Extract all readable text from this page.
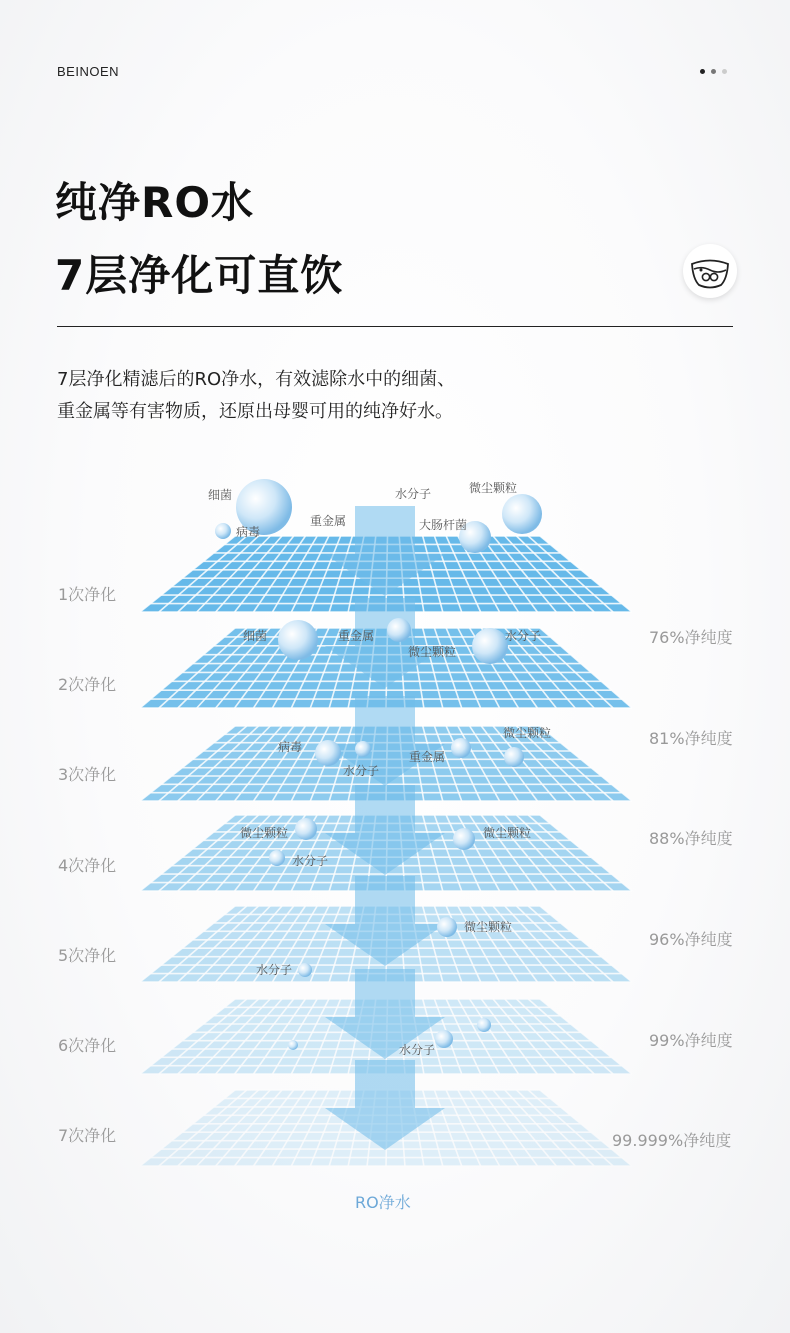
BEINOEN
纯净RO水
7层净化可直饮
7层净化精滤后的RO净水，有效滤除水中的细菌、
重金属等有害物质，还原出母婴可用的纯净好水。
细菌
病毒
重金属
水分子	微尘颗粒
大肠杆菌
细菌	重金属
微尘颗粒
水分子
病毒
水分子
重金属
微尘颗粒
微尘颗粒
水分子
微尘颗粒
微尘颗粒
水分子
水分子
1次净化
2次净化
3次净化
4次净化
5次净化
6次净化
7次净化
76%净纯度
81%净纯度
88%净纯度
96%净纯度
99%净纯度
99.999%净纯度
RO净水
